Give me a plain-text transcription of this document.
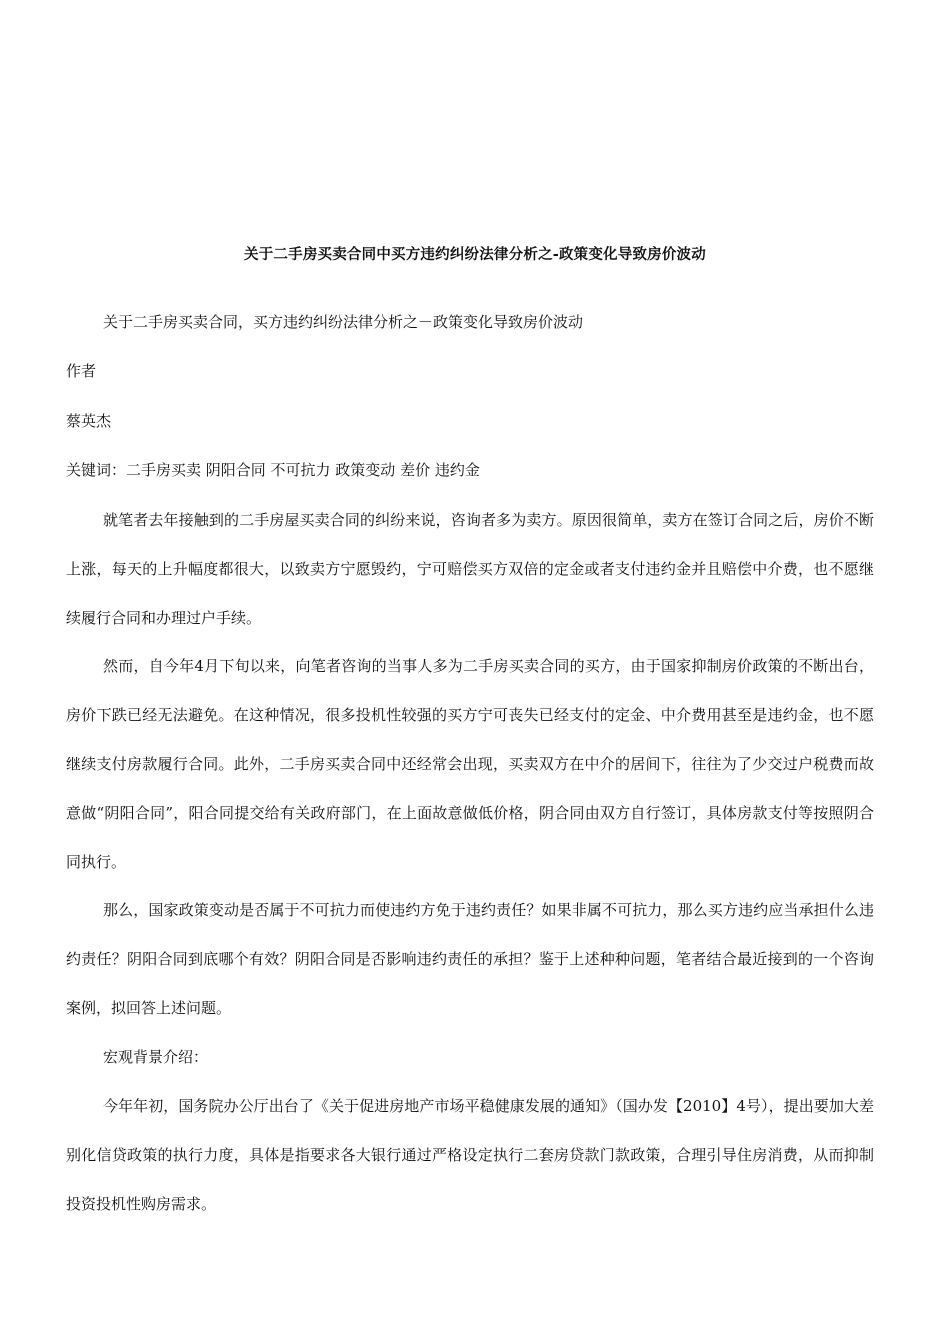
关于二手房买卖合同中买方违约纠纷法律分析之-政策变化导致房价波动
关于二手房买卖合同，买方违约纠纷法律分析之－政策变化导致房价波动
作者
蔡英杰
关键词：二手房买卖 阴阳合同 不可抗力 政策变动 差价 违约金
就笔者去年接触到的二手房屋买卖合同的纠纷来说，咨询者多为卖方。原因很简单，卖方在签订合同之后，房价不断上涨，每天的上升幅度都很大，以致卖方宁愿毁约，宁可赔偿买方双倍的定金或者支付违约金并且赔偿中介费，也不愿继续履行合同和办理过户手续。
然而，自今年4月下旬以来，向笔者咨询的当事人多为二手房买卖合同的买方，由于国家抑制房价政策的不断出台，房价下跌已经无法避免。在这种情况，很多投机性较强的买方宁可丧失已经支付的定金、中介费用甚至是违约金，也不愿继续支付房款履行合同。此外，二手房买卖合同中还经常会出现，买卖双方在中介的居间下，往往为了少交过户税费而故意做“阴阳合同”，阳合同提交给有关政府部门，在上面故意做低价格，阴合同由双方自行签订，具体房款支付等按照阴合同执行。
那么，国家政策变动是否属于不可抗力而使违约方免于违约责任？如果非属不可抗力，那么买方违约应当承担什么违约责任？阴阳合同到底哪个有效？阴阳合同是否影响违约责任的承担？鉴于上述种种问题，笔者结合最近接到的一个咨询案例，拟回答上述问题。
宏观背景介绍：
今年年初，国务院办公厅出台了《关于促进房地产市场平稳健康发展的通知》（国办发【2010】4号），提出要加大差别化信贷政策的执行力度，具体是指要求各大银行通过严格设定执行二套房贷款门款政策，合理引导住房消费，从而抑制投资投机性购房需求。
